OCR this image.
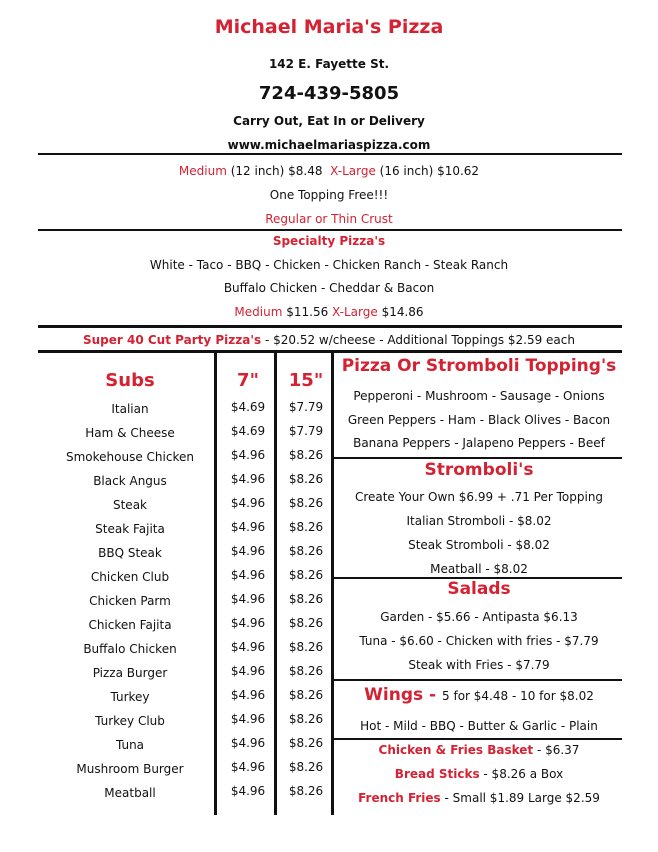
Michael Maria's Pizza
142 E. Fayette St.
724-439-5805
Carry Out, Eat In or Delivery
www.michaelmariaspizza.com
Medium (12 inch) $8.48 X-Large (16 inch) $10.62
One Topping Free!!!
Regular or Thin Crust
Specialty Pizza's
White - Taco - BBQ - Chicken - Chicken Ranch - Steak Ranch
Buffalo Chicken - Cheddar & Bacon
Medium $11.56 X-Large $14.86
Super 40 Cut Party Pizza's - $20.52 w/cheese - Additional Toppings $2.59 each
Subs	7"	15"
Italian	$4.69	$7.79
Ham & Cheese	$4.69	$7.79
Smokehouse Chicken	$4.96	$8.26
Black Angus	$4.96	$8.26
Steak	$4.96	$8.26
Steak Fajita	$4.96	$8.26
BBQ Steak	$4.96	$8.26
Chicken Club	$4.96	$8.26
Chicken Parm	$4.96	$8.26
Chicken Fajita	$4.96	$8.26
Buffalo Chicken	$4.96	$8.26
Pizza Burger	$4.96	$8.26
Turkey	$4.96	$8.26
Turkey Club	$4.96	$8.26
Tuna	$4.96	$8.26
Mushroom Burger	$4.96	$8.26
Meatball	$4.96	$8.26
Pizza Or Stromboli Topping's
Pepperoni - Mushroom - Sausage - Onions
Green Peppers - Ham - Black Olives - Bacon
Banana Peppers - Jalapeno Peppers - Beef
Stromboli's
Create Your Own $6.99 + .71 Per Topping
Italian Stromboli - $8.02
Steak Stromboli - $8.02
Meatball - $8.02
Salads
Garden - $5.66 - Antipasta $6.13
Tuna - $6.60 - Chicken with fries - $7.79
Steak with Fries - $7.79
Wings - 5 for $4.48 - 10 for $8.02
Hot - Mild - BBQ - Butter & Garlic - Plain
Chicken & Fries Basket - $6.37
Bread Sticks - $8.26 a Box
French Fries - Small $1.89 Large $2.59
